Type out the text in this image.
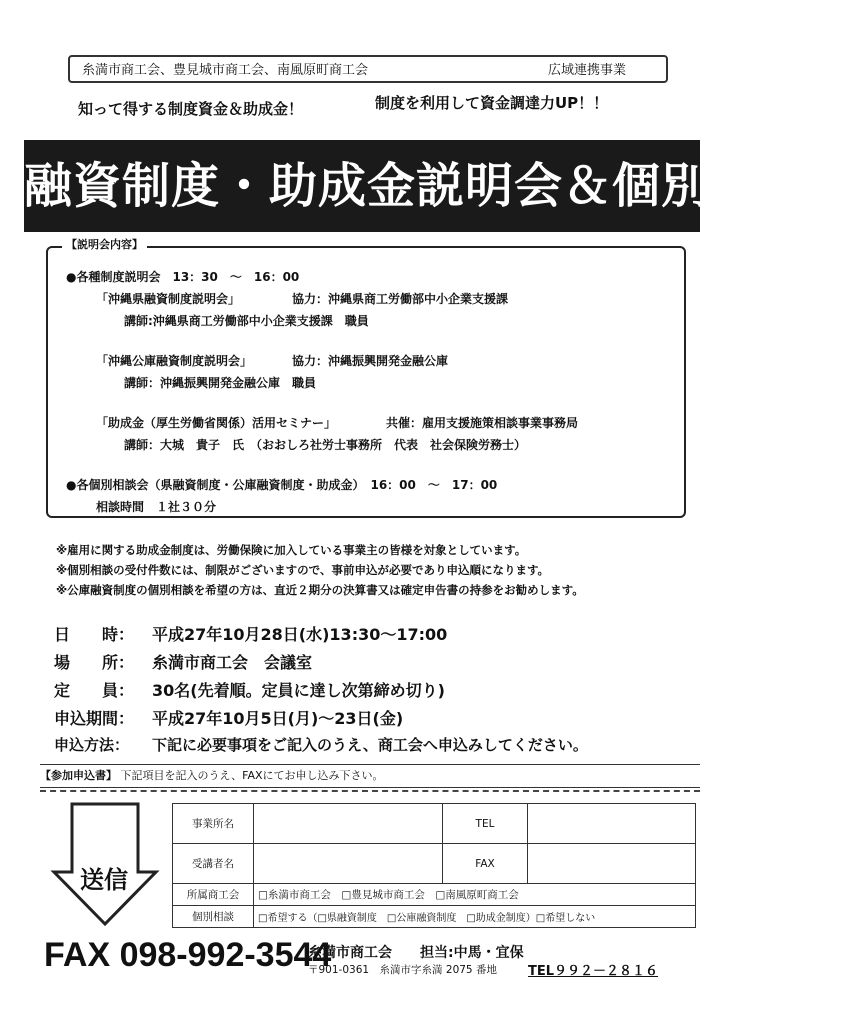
糸満市商工会、豊見城市商工会、南風原町商工会	広域連携事業
知って得する制度資金＆助成金！	制度を利用して資金調達力UP！！
融資制度・助成金説明会＆個別相談会
【説明会内容】
●各種制度説明会　13：30　～　16：00
「沖縄県融資制度説明会」	協力：沖縄県商工労働部中小企業支援課
講師:沖縄県商工労働部中小企業支援課　職員
「沖縄公庫融資制度説明会」	協力：沖縄振興開発金融公庫
講師：沖縄振興開発金融公庫　職員
「助成金（厚生労働省関係）活用セミナー」	共催：雇用支援施策相談事業事務局
講師：大城　貴子　氏　（おおしろ社労士事務所　代表　社会保険労務士）
●各個別相談会（県融資制度・公庫融資制度・助成金）　16：00　～　17：00
相談時間　１社３０分
※雇用に関する助成金制度は、労働保険に加入している事業主の皆様を対象としています。
※個別相談の受付件数には、制限がございますので、事前申込が必要であり申込順になります。
※公庫融資制度の個別相談を希望の方は、直近２期分の決算書又は確定申告書の持参をお勧めします。
日　　時： 平成27年10月28日(水)13:30～17:00
場　　所： 糸満市商工会　会議室
定　　員： 30名(先着順。定員に達し次第締め切り)
申込期間： 平成27年10月5日(月)～23日(金)
申込方法： 下記に必要事項をご記入のうえ、商工会へ申込みしてください。
【参加申込書】 下記項目を記入のうえ、FAXにてお申し込み下さい。
送信
事業所名		TEL	
受講者名		FAX	
所属商工会	□糸満市商工会　□豊見城市商工会　□南風原町商工会		
個別相談	□希望する（□県融資制度　□公庫融資制度　□助成金制度）□希望しない		
FAX 098-992-3544
糸満市商工会　　担当:中馬・宜保
〒901-0361　糸満市字糸満 2075 番地 TEL９９２－２８１６
